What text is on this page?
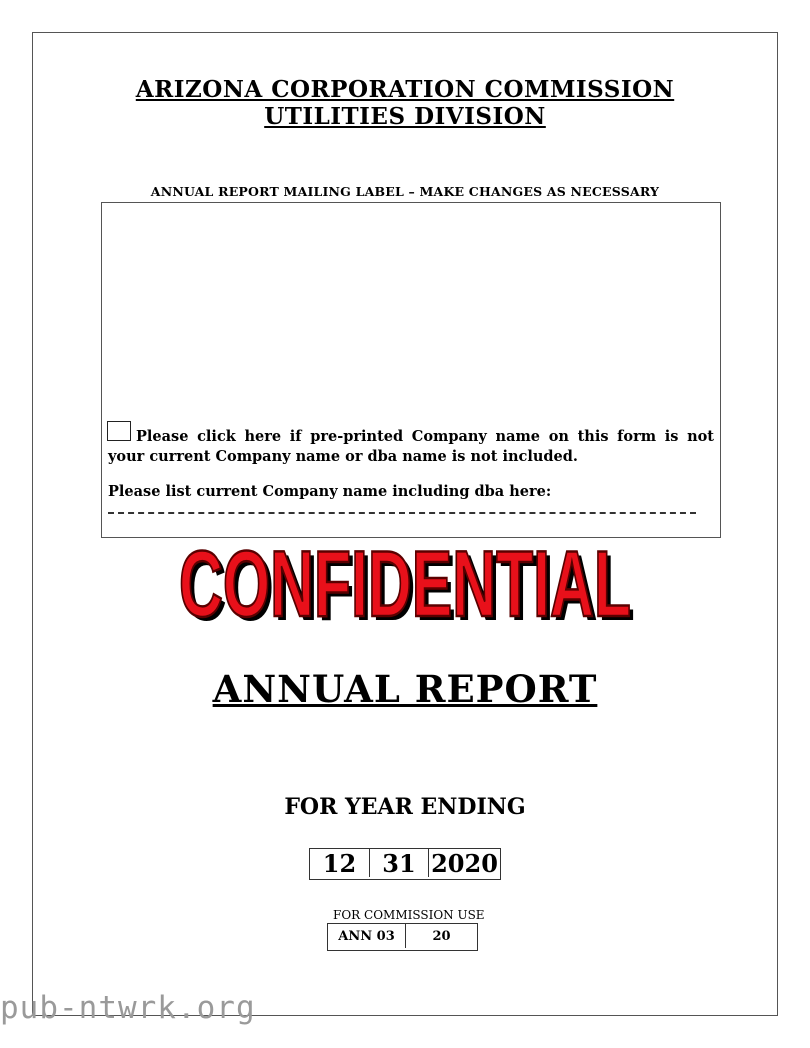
ARIZONA CORPORATION COMMISSION
UTILITIES DIVISION
ANNUAL REPORT MAILING LABEL – MAKE CHANGES AS NECESSARY
Please click here if pre-printed Company name on this form is not your current Company name or dba name is not included.
Please list current Company name including dba here:
CONFIDENTIAL
CONFIDENTIAL
ANNUAL REPORT
FOR YEAR ENDING
12	31 2020
FOR COMMISSION USE
ANN 03	20
pub-ntwrk.org
